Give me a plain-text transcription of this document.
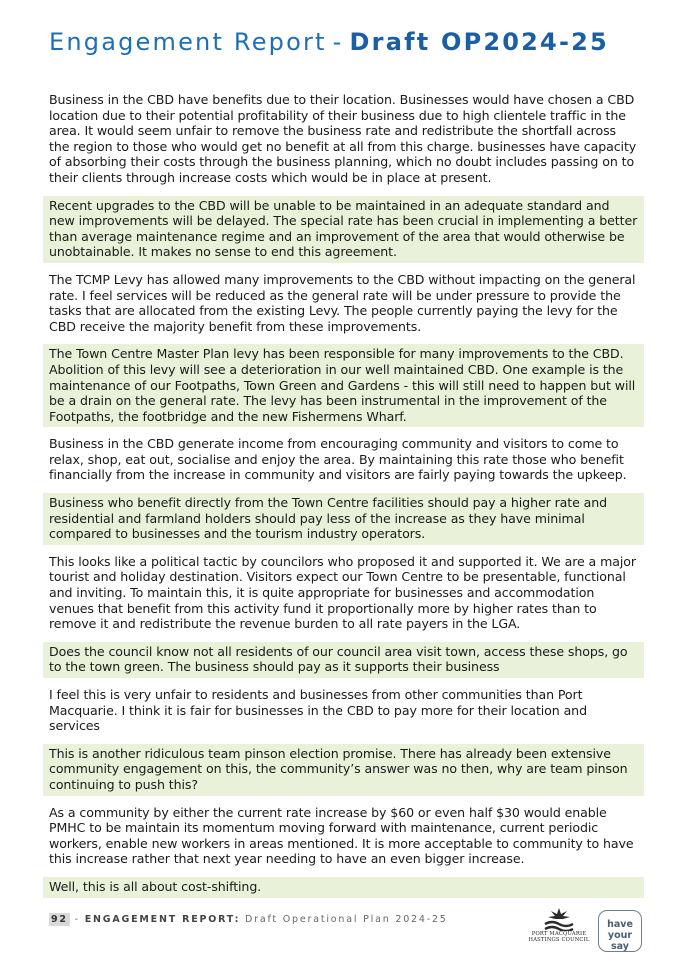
Engagement Report - Draft OP2024-25
Business in the CBD have benefits due to their location. Businesses would have chosen a CBD location due to their potential profitability of their business due to high clientele traffic in the area. It would seem unfair to remove the business rate and redistribute the shortfall across the region to those who would get no benefit at all from this charge. businesses have capacity of absorbing their costs through the business planning, which no doubt includes passing on to their clients through increase costs which would be in place at present.
Recent upgrades to the CBD will be unable to be maintained in an adequate standard and new improvements will be delayed. The special rate has been crucial in implementing a better than average maintenance regime and an improvement of the area that would otherwise be unobtainable. It makes no sense to end this agreement.
The TCMP Levy has allowed many improvements to the CBD without impacting on the general rate. I feel services will be reduced as the general rate will be under pressure to provide the tasks that are allocated from the existing Levy. The people currently paying the levy for the CBD receive the majority benefit from these improvements.
The Town Centre Master Plan levy has been responsible for many improvements to the CBD. Abolition of this levy will see a deterioration in our well maintained CBD. One example is the maintenance of our Footpaths, Town Green and Gardens - this will still need to happen but will be a drain on the general rate. The levy has been instrumental in the improvement of the Footpaths, the footbridge and the new Fishermens Wharf.
Business in the CBD generate income from encouraging community and visitors to come to relax, shop, eat out, socialise and enjoy the area. By maintaining this rate those who benefit financially from the increase in community and visitors are fairly paying towards the upkeep.
Business who benefit directly from the Town Centre facilities should pay a higher rate and residential and farmland holders should pay less of the increase as they have minimal compared to businesses and the tourism industry operators.
This looks like a political tactic by councilors who proposed it and supported it. We are a major tourist and holiday destination. Visitors expect our Town Centre to be presentable, functional and inviting. To maintain this, it is quite appropriate for businesses and accommodation venues that benefit from this activity fund it proportionally more by higher rates than to remove it and redistribute the revenue burden to all rate payers in the LGA.
Does the council know not all residents of our council area visit town, access these shops, go to the town green. The business should pay as it supports their business
I feel this is very unfair to residents and businesses from other communities than Port Macquarie. I think it is fair for businesses in the CBD to pay more for their location and services
This is another ridiculous team pinson election promise. There has already been extensive community engagement on this, the community’s answer was no then, why are team pinson continuing to push this?
As a community by either the current rate increase by $60 or even half $30 would enable PMHC to be maintain its momentum moving forward with maintenance, current periodic workers, enable new workers in areas mentioned. It is more acceptable to community to have this increase rather that next year needing to have an even bigger increase.
Well, this is all about cost-shifting.
92 - ENGAGEMENT REPORT: Draft Operational Plan 2024-25
PORT MACQUARIE
HASTINGS COUNCIL
have
your say
